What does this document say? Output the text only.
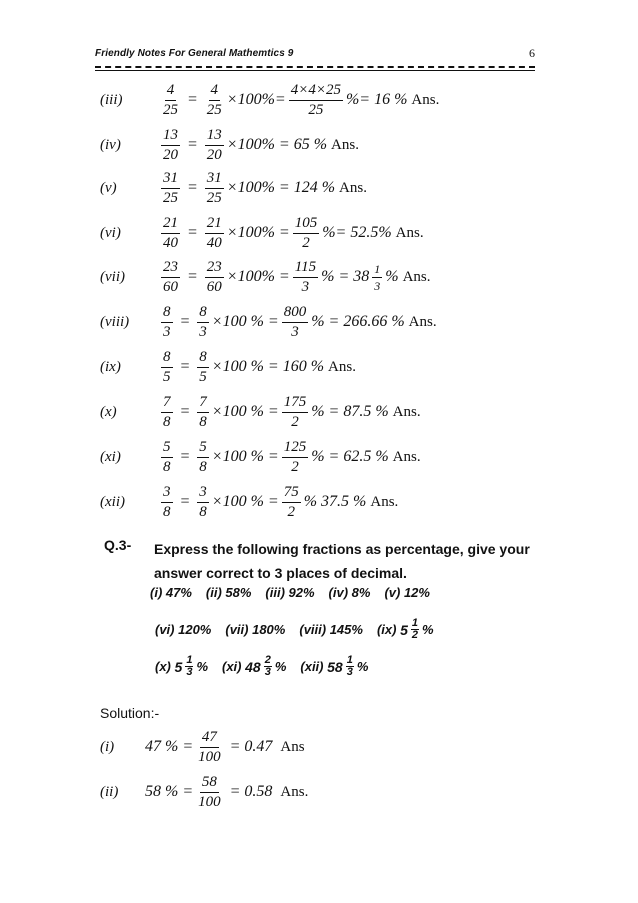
Friendly Notes For General Mathemtics 9	6
(iii)	$\frac{4}{25} = \frac{4}{25} \times 100\%= \frac{4\times 4\times 25}{25}$ %= 16 % Ans.
(iv)	$\frac{13}{20} = \frac{13}{20} \times 100\% = 65$ % Ans.
(v)	$\frac{31}{25} = \frac{31}{25} \times 100\% = 124$ % Ans.
(vi)	$\frac{21}{40} = \frac{21}{40} \times 100\% = \frac{105}{2}$ %= 52.5% Ans.
$(vii) \frac{23}{60} = \frac{23}{60} \times 100\% = \frac{115}{3}$ % = $38 \frac{1}{3}$ % Ans.
(viii) $\frac{8}{3} = \frac{8}{3} \times 100$ % = $\frac{800}{3}$ % = 266.66 % Ans.
(ix)	$\frac{8}{5} = \frac{8}{5} \times 100$ % = 160 % Ans.
(x)	$\frac{7}{8} = \frac{7}{8} \times 100$ % = $\frac{175}{2}$ % = 87.5 % Ans.
(xi)	$\frac{5}{8} = \frac{5}{8} \times 100$ % = $\frac{125}{2}$ % = 62.5 % Ans.
$(xii) \frac{3}{8} = \frac{3}{8} \times 100$ % = $\frac{75}{2}$ % 37.5 % Ans.
Q.3- Express the following fractions as percentage, give your answer correct to 3 places of decimal.
(i) 47% (ii) 58% (iii) 92% (iv) 8% (v) 12%
(vi) 120% (vii) 180% (viii) 145% (ix)
$5 \frac{1}{2}$ %
(x)
$5 \frac{1}{3}$ % (xi)
$48 \frac{2}{3}$ % (xii)
$58 \frac{1}{3}$ %
Solution:-
(i) 47 % = $\frac{47}{100} = 0.47$ Ans
(ii) 58 % = $\frac{58}{100} = 0.58$ Ans.
